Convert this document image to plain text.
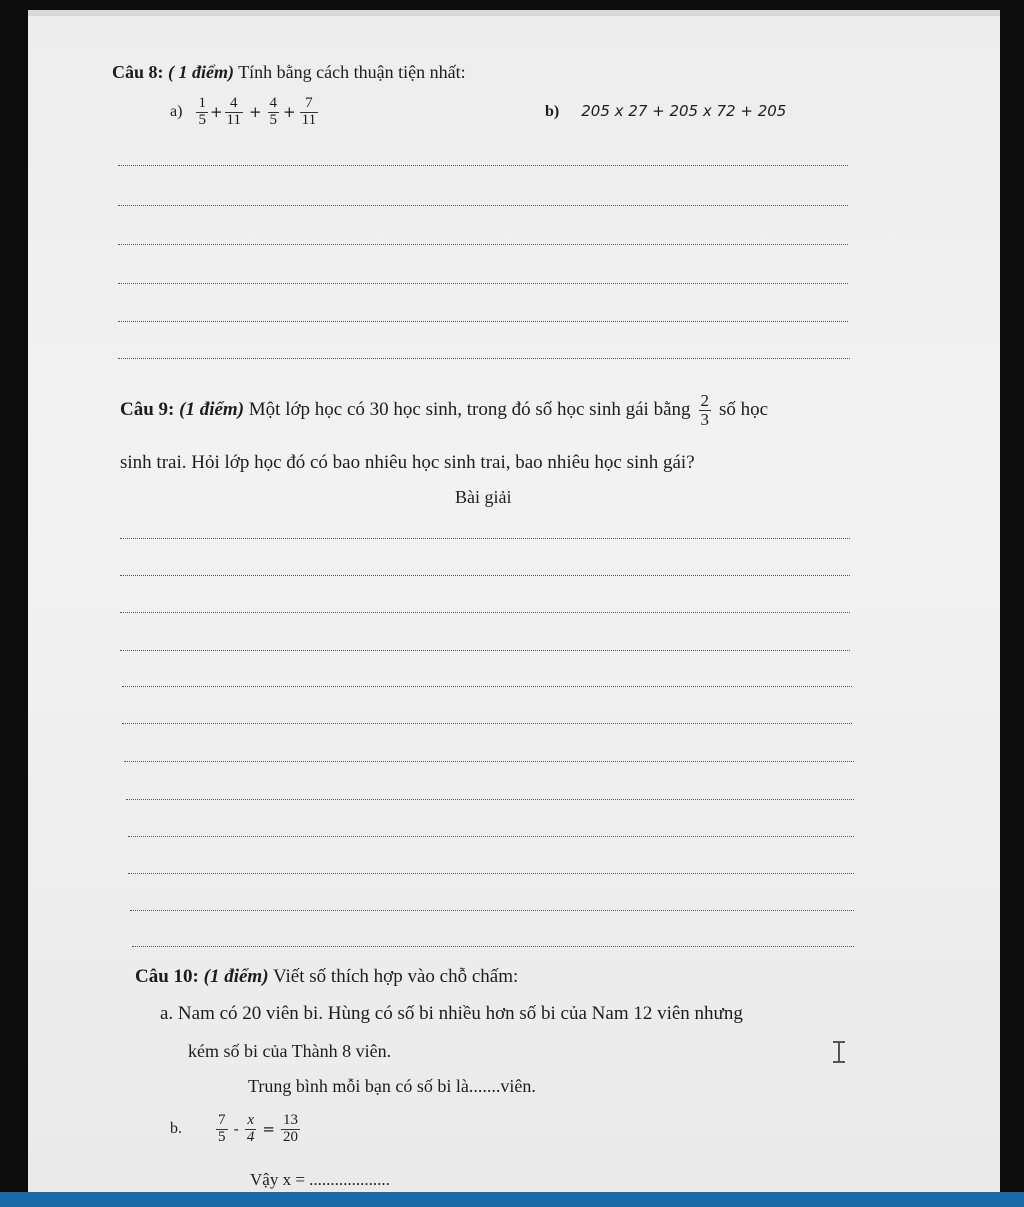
Câu 8: ( 1 điểm) Tính bằng cách thuận tiện nhất:
$a) \frac{1}{5} + \frac{4}{11} + \frac{4}{5} + \frac{7}{11}$	b) 205 x 27 + 205 x 72 + 205
Câu 9:
(1 điểm)
Một lớp học có 30 học sinh, trong đó số học sinh gái bằng $\frac{2}{3}$ số học
sinh trai. Hỏi lớp học đó có bao nhiêu học sinh trai, bao nhiêu học sinh gái?
Bài giải
Câu 10: (1 điểm) Viết số thích hợp vào chỗ chấm:
a. Nam có 20 viên bi. Hùng có số bi nhiều hơn số bi của Nam 12 viên nhưng
kém số bi của Thành 8 viên.
Trung bình mỗi bạn có số bi là.......viên.
b. $\frac{7}{5} - \frac{x}{4} = \frac{13}{20}$
Vậy x = ...................
